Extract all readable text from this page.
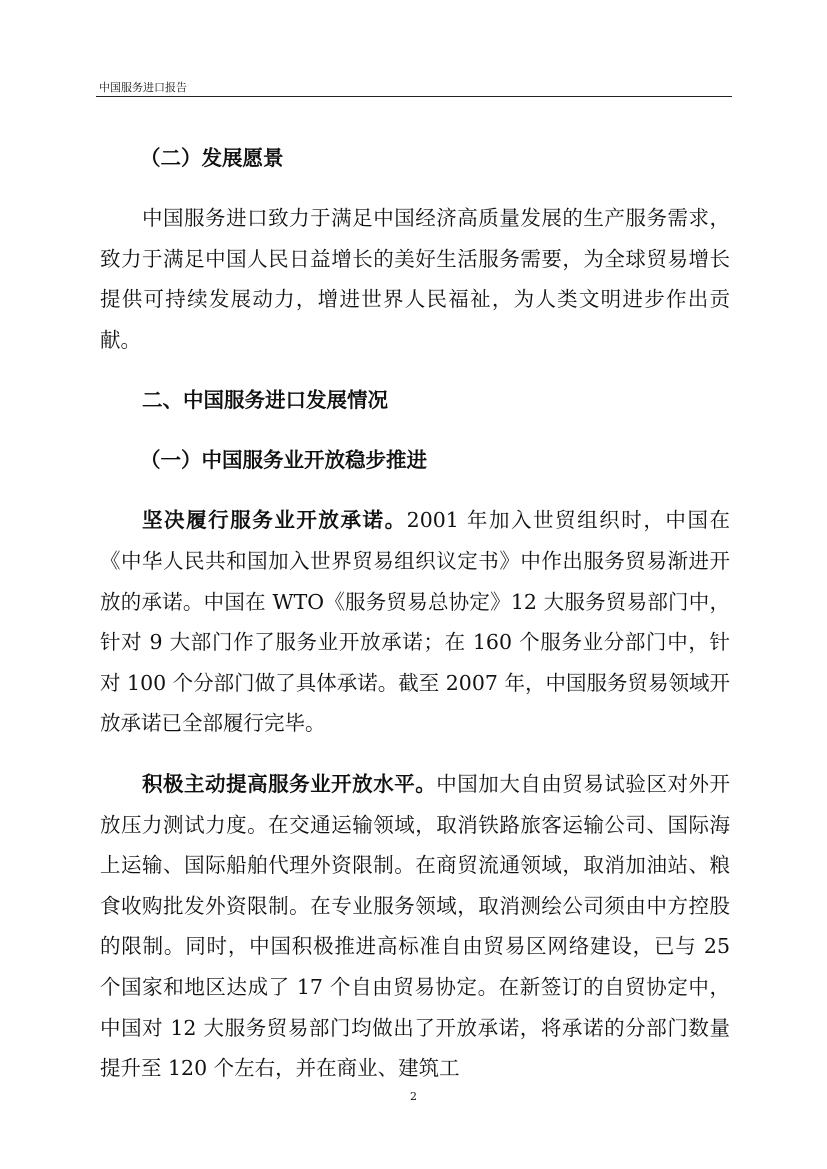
中国服务进口报告
（二）发展愿景

中国服务进口致力于满足中国经济高质量发展的生产服务需求，致力于满足中国人民日益增长的美好生活服务需要，为全球贸易增长提供可持续发展动力，增进世界人民福祉，为人类文明进步作出贡献。

二、中国服务进口发展情况
（一）中国服务业开放稳步推进

坚决履行服务业开放承诺。2001 年加入世贸组织时，中国在《中华人民共和国加入世界贸易组织议定书》中作出服务贸易渐进开放的承诺。中国在 WTO《服务贸易总协定》12 大服务贸易部门中，针对 9 大部门作了服务业开放承诺；在 160 个服务业分部门中，针对 100 个分部门做了具体承诺。截至 2007 年，中国服务贸易领域开放承诺已全部履行完毕。

积极主动提高服务业开放水平。中国加大自由贸易试验区对外开放压力测试力度。在交通运输领域，取消铁路旅客运输公司、国际海上运输、国际船舶代理外资限制。在商贸流通领域，取消加油站、粮食收购批发外资限制。在专业服务领域，取消测绘公司须由中方控股的限制。同时，中国积极推进高标准自由贸易区网络建设，已与 25 个国家和地区达成了 17 个自由贸易协定。在新签订的自贸协定中，中国对 12 大服务贸易部门均做出了开放承诺，将承诺的分部门数量提升至 120 个左右，并在商业、建筑工

2
